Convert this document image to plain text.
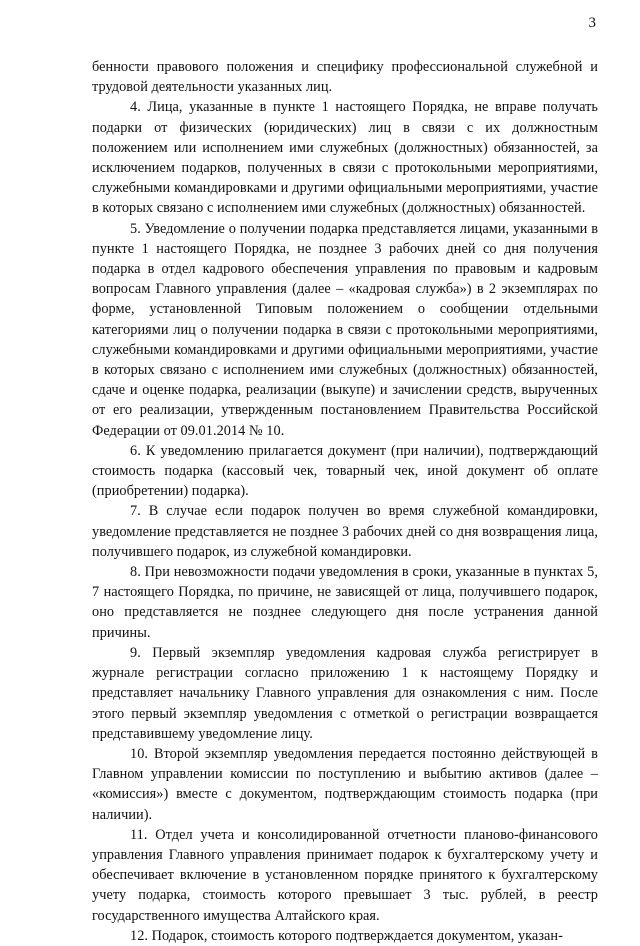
3

бенности правового положения и специфику профессиональной служебной и трудовой деятельности указанных лиц.

4. Лица, указанные в пункте 1 настоящего Порядка, не вправе получать подарки от физических (юридических) лиц в связи с их должностным положением или исполнением ими служебных (должностных) обязанностей, за исключением подарков, полученных в связи с протокольными мероприятиями, служебными командировками и другими официальными мероприятиями, участие в которых связано с исполнением ими служебных (должностных) обязанностей.

5. Уведомление о получении подарка представляется лицами, указанными в пункте 1 настоящего Порядка, не позднее 3 рабочих дней со дня получения подарка в отдел кадрового обеспечения управления по правовым и кадровым вопросам Главного управления (далее – «кадровая служба») в 2 экземплярах по форме, установленной Типовым положением о сообщении отдельными категориями лиц о получении подарка в связи с протокольными мероприятиями, служебными командировками и другими официальными мероприятиями, участие в которых связано с исполнением ими служебных (должностных) обязанностей, сдаче и оценке подарка, реализации (выкупе) и зачислении средств, вырученных от его реализации, утвержденным постановлением Правительства Российской Федерации от 09.01.2014 № 10.

6. К уведомлению прилагается документ (при наличии), подтверждающий стоимость подарка (кассовый чек, товарный чек, иной документ об оплате (приобретении) подарка).

7. В случае если подарок получен во время служебной командировки, уведомление представляется не позднее 3 рабочих дней со дня возвращения лица, получившего подарок, из служебной командировки.

8. При невозможности подачи уведомления в сроки, указанные в пунктах 5, 7 настоящего Порядка, по причине, не зависящей от лица, получившего подарок, оно представляется не позднее следующего дня после устранения данной причины.

9. Первый экземпляр уведомления кадровая служба регистрирует в журнале регистрации согласно приложению 1 к настоящему Порядку и представляет начальнику Главного управления для ознакомления с ним. После этого первый экземпляр уведомления с отметкой о регистрации возвращается представившему уведомление лицу.

10. Второй экземпляр уведомления передается постоянно действующей в Главном управлении комиссии по поступлению и выбытию активов (далее – «комиссия») вместе с документом, подтверждающим стоимость подарка (при наличии).

11. Отдел учета и консолидированной отчетности планово-финансового управления Главного управления принимает подарок к бухгалтерскому учету и обеспечивает включение в установленном порядке принятого к бухгалтерскому учету подарка, стоимость которого превышает 3 тыс. рублей, в реестр государственного имущества Алтайского края.

12. Подарок, стоимость которого подтверждается документом, указан-
